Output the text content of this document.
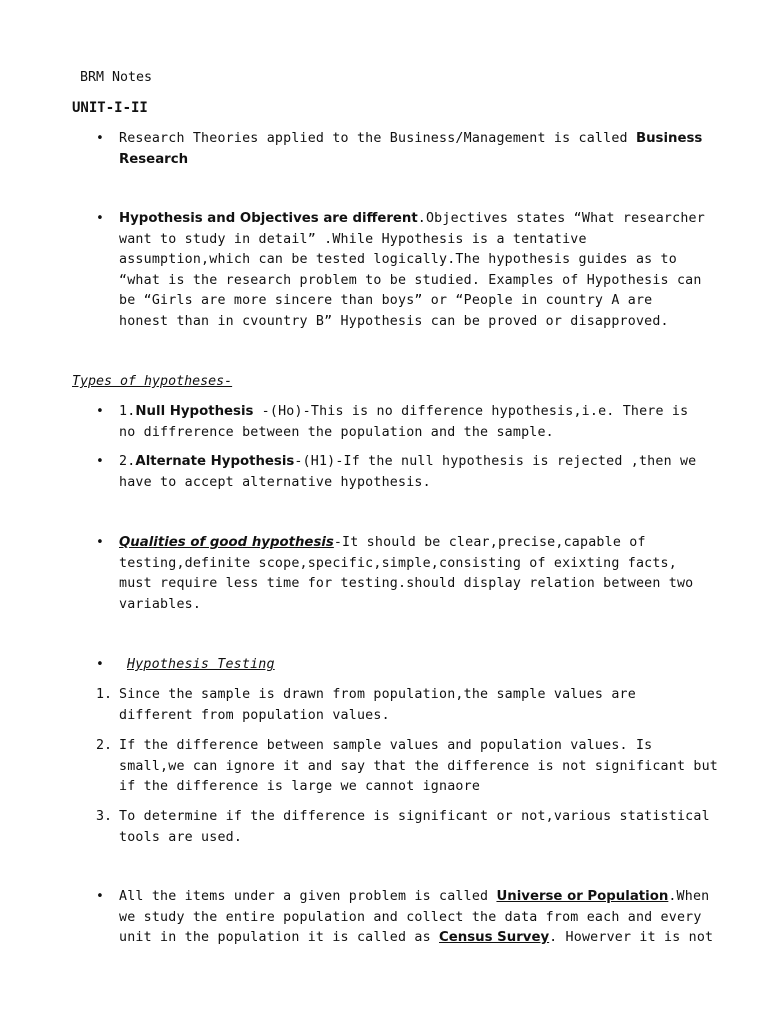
BRM Notes
UNIT-I-II
• Research Theories applied to the Business/Management is called Business Research
• Hypothesis and Objectives are different.Objectives states “What researcher want to study in detail” .While Hypothesis is a tentative assumption,which can be tested logically.The hypothesis guides as to “what is the research problem to be studied. Examples of Hypothesis can be “Girls are more sincere than boys” or “People in country A are honest than in cvountry B” Hypothesis can be proved or disapproved.
Types of hypotheses-
• 1.Null Hypothesis -(Ho)-This is no difference hypothesis,i.e. There is no diffrerence between the population and the sample.
• 2.Alternate Hypothesis-(H1)-If the null hypothesis is rejected ,then we have to accept alternative hypothesis.
• Qualities of good hypothesis-It should be clear,precise,capable of testing,definite scope,specific,simple,consisting of exixting facts, must require less time for testing.should display relation between two variables.
• Hypothesis Testing
1. Since the sample is drawn from population,the sample values are different from population values.
2. If the difference between sample values and population values. Is small,we can ignore it and say that the difference is not significant but if the difference is large we cannot ignaore
3. To determine if the difference is significant or not,various statistical tools are used.
• All the items under a given problem is called Universe or Population.When we study the entire population and collect the data from each and every unit in the population it is called as Census Survey. Howerver it is not
